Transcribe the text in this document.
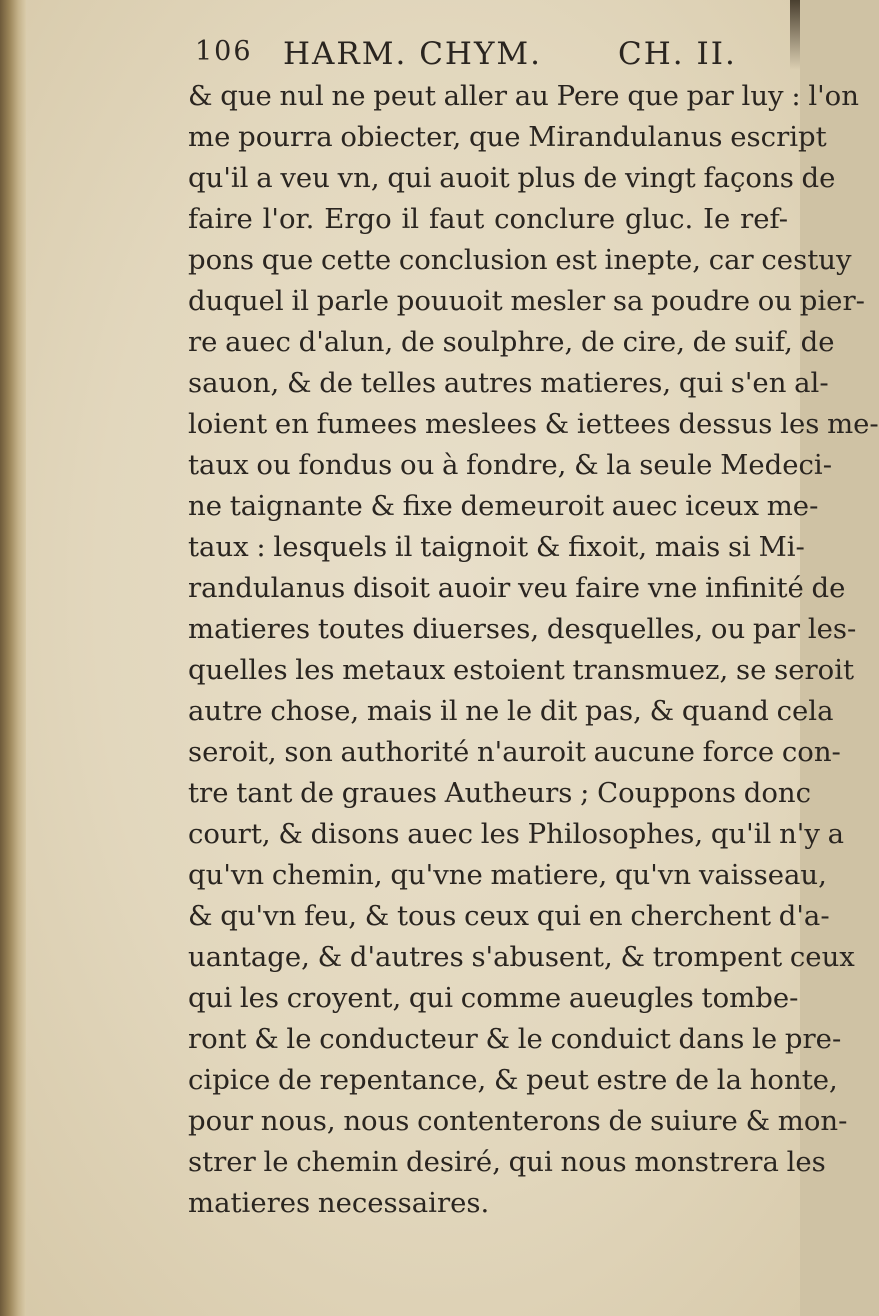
106 HARM. CHYM. CH. II.
& que nul ne peut aller au Pere que par luy : l'on
me pourra obiecter, que Mirandulanus escript
qu'il a veu vn, qui auoit plus de vingt façons de
faire l'or. Ergo il faut conclure gluc. Ie ref-
pons que cette conclusion est inepte, car cestuy
duquel il parle pouuoit mesler sa poudre ou pier-
re auec d'alun, de soulphre, de cire, de suif, de
sauon, & de telles autres matieres, qui s'en al-
loient en fumees meslees & iettees dessus les me-
taux ou fondus ou à fondre, & la seule Medeci-
ne taignante & fixe demeuroit auec iceux me-
taux : lesquels il taignoit & fixoit, mais si Mi-
randulanus disoit auoir veu faire vne infinité de
matieres toutes diuerses, desquelles, ou par les-
quelles les metaux estoient transmuez, se seroit
autre chose, mais il ne le dit pas, & quand cela
seroit, son authorité n'auroit aucune force con-
tre tant de graues Autheurs ; Couppons donc
court, & disons auec les Philosophes, qu'il n'y a
qu'vn chemin, qu'vne matiere, qu'vn vaisseau,
& qu'vn feu, & tous ceux qui en cherchent d'a-
uantage, & d'autres s'abusent, & trompent ceux
qui les croyent, qui comme aueugles tombe-
ront & le conducteur & le conduict dans le pre-
cipice de repentance, & peut estre de la honte,
pour nous, nous contenterons de suiure & mon-
strer le chemin desiré, qui nous monstrera les
matieres necessaires.
